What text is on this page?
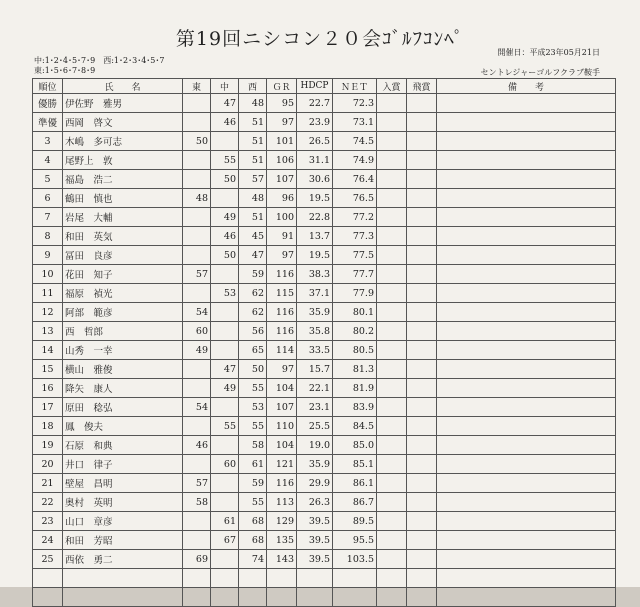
第19回ニシコン２０会ｺﾞﾙﾌｺﾝﾍﾟ
中:1･2･4･5･7･9　西:1･2･3･4･5･7
東:1･5･6･7･8･9
開催日：平成23年05月21日
セントレジャーゴルフクラブ鞍手
順位	氏　　名	東	中	西	ＧＲ	HDCP	ＮＥＴ	入賞	飛賞	備　　考
優勝	伊佐野　雅男		47	48	95	22.7	72.3			
準優	西岡　啓文		46	51	97	23.9	73.1			
3	木嶋　多可志	50		51	101	26.5	74.5			
4	尾野上　敦		55	51	106	31.1	74.9			
5	福島　浩二		50	57	107	30.6	76.4			
6	鶴田　慎也	48		48	96	19.5	76.5			
7	岩尾　大輔		49	51	100	22.8	77.2			
8	和田　英気		46	45	91	13.7	77.3			
9	冨田　良彦		50	47	97	19.5	77.5			
10	花田　知子	57		59	116	38.3	77.7			
11	福原　禎光		53	62	115	37.1	77.9			
12	阿部　範彦	54		62	116	35.9	80.1			
13	西　哲郎	60		56	116	35.8	80.2			
14	山秀　一幸	49		65	114	33.5	80.5			
15	横山　雅俊		47	50	97	15.7	81.3			
16	降矢　康人		49	55	104	22.1	81.9			
17	原田　稔弘	54		53	107	23.1	83.9			
18	鳳　俊夫		55	55	110	25.5	84.5			
19	石原　和典	46		58	104	19.0	85.0			
20	井口　律子		60	61	121	35.9	85.1			
21	壁屋　昌明	57		59	116	29.9	86.1			
22	奥村　英明	58		55	113	26.3	86.7			
23	山口　章彦		61	68	129	39.5	89.5			
24	和田　芳昭		67	68	135	39.5	95.5			
25	西依　勇二	69		74	143	39.5	103.5			
